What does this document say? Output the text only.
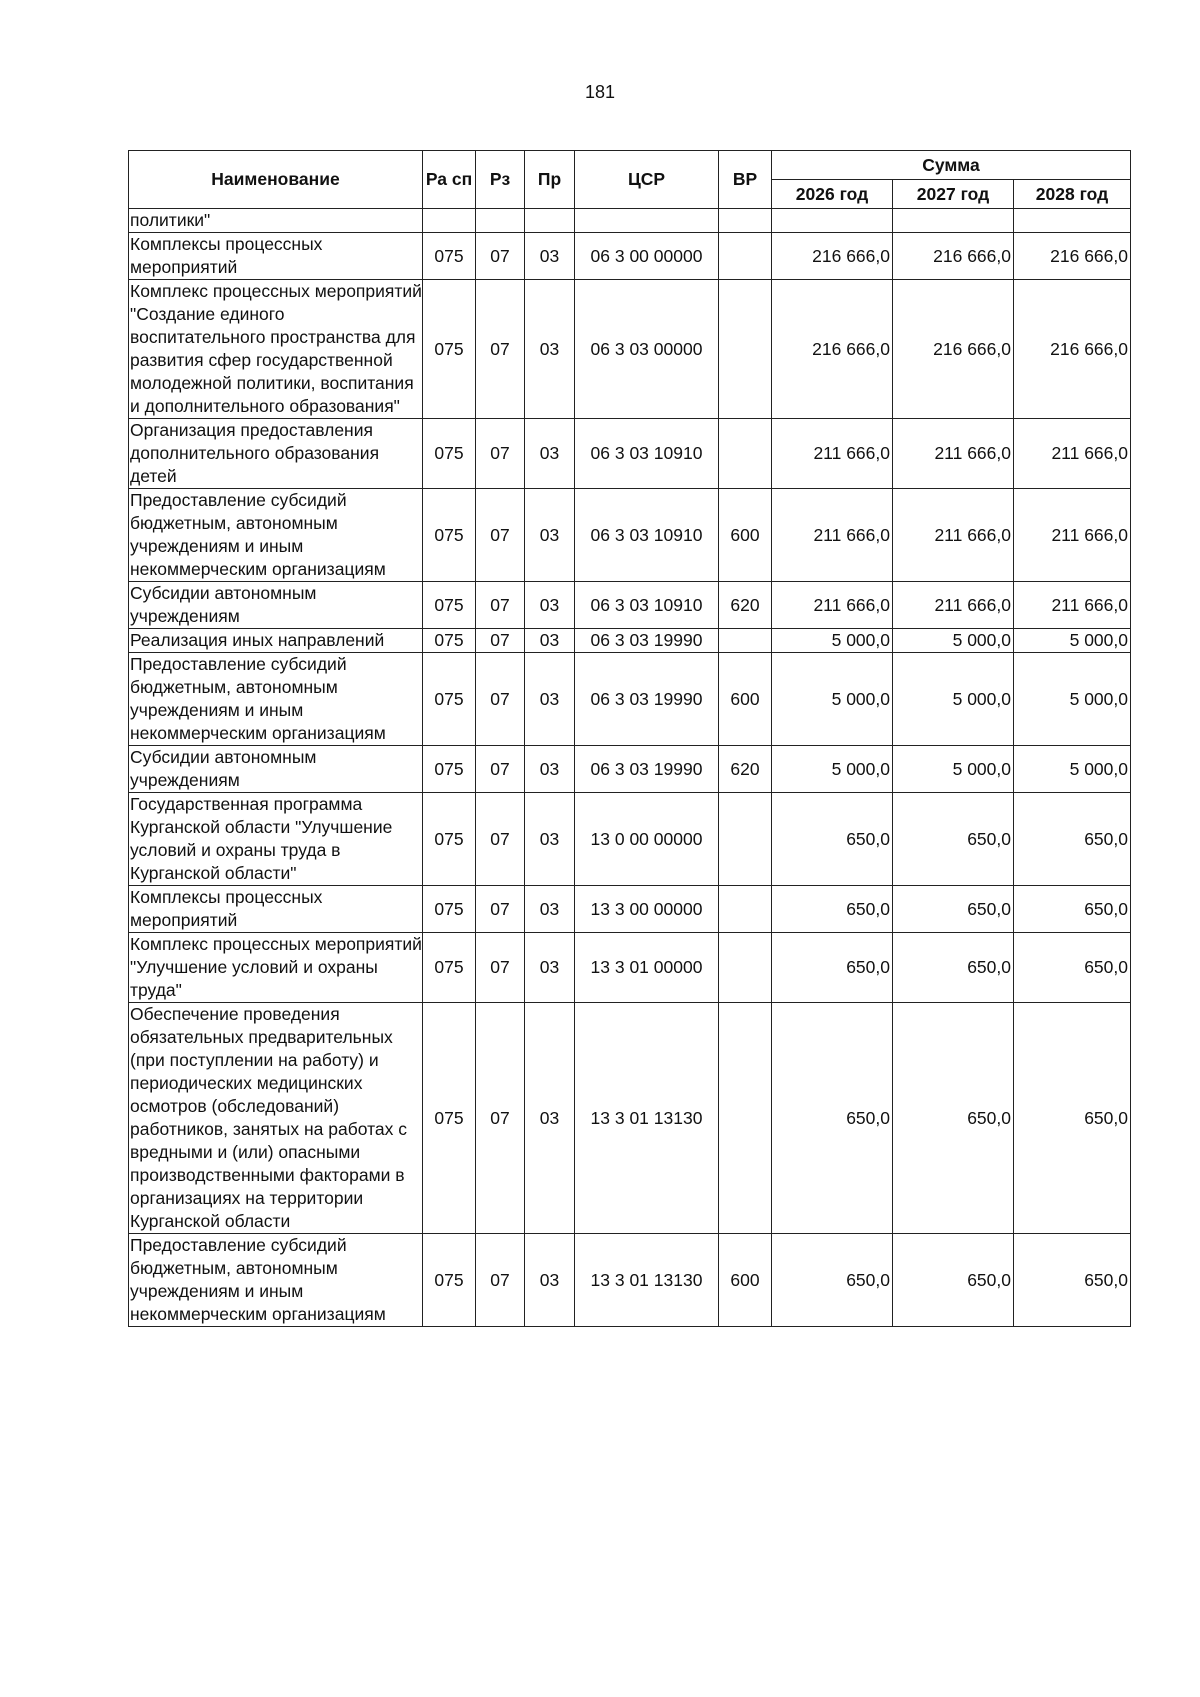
181
Наименование	Ра сп	Рз	Пр	ЦСР	ВР	Сумма		
						2026 год	2027 год	2028 год
политики"								
Комплексы процессных мероприятий	075	07	03	06 3 00 00000		216 666,0	216 666,0	216 666,0
Комплекс процессных мероприятий "Создание единого воспитательного пространства для развития сфер государственной молодежной политики, воспитания и дополнительного образования"	075	07	03	06 3 03 00000		216 666,0	216 666,0	216 666,0
Организация предоставления дополнительного образования детей	075	07	03	06 3 03 10910		211 666,0	211 666,0	211 666,0
Предоставление субсидий бюджетным, автономным учреждениям и иным некоммерческим организациям	075	07	03	06 3 03 10910	600	211 666,0	211 666,0	211 666,0
Субсидии автономным учреждениям	075	07	03	06 3 03 10910	620	211 666,0	211 666,0	211 666,0
Реализация иных направлений	075	07	03	06 3 03 19990		5 000,0	5 000,0	5 000,0
Предоставление субсидий бюджетным, автономным учреждениям и иным некоммерческим организациям	075	07	03	06 3 03 19990	600	5 000,0	5 000,0	5 000,0
Субсидии автономным учреждениям	075	07	03	06 3 03 19990	620	5 000,0	5 000,0	5 000,0
Государственная программа Курганской области "Улучшение условий и охраны труда в Курганской области"	075	07	03	13 0 00 00000		650,0	650,0	650,0
Комплексы процессных мероприятий	075	07	03	13 3 00 00000		650,0	650,0	650,0
Комплекс процессных мероприятий "Улучшение условий и охраны труда"	075	07	03	13 3 01 00000		650,0	650,0	650,0
Обеспечение проведения обязательных предварительных (при поступлении на работу) и периодических медицинских осмотров (обследований) работников, занятых на работах с вредными и (или) опасными производственными факторами в организациях на территории Курганской области	075	07	03	13 3 01 13130		650,0	650,0	650,0
Предоставление субсидий бюджетным, автономным учреждениям и иным некоммерческим организациям	075	07	03	13 3 01 13130	600	650,0	650,0	650,0
